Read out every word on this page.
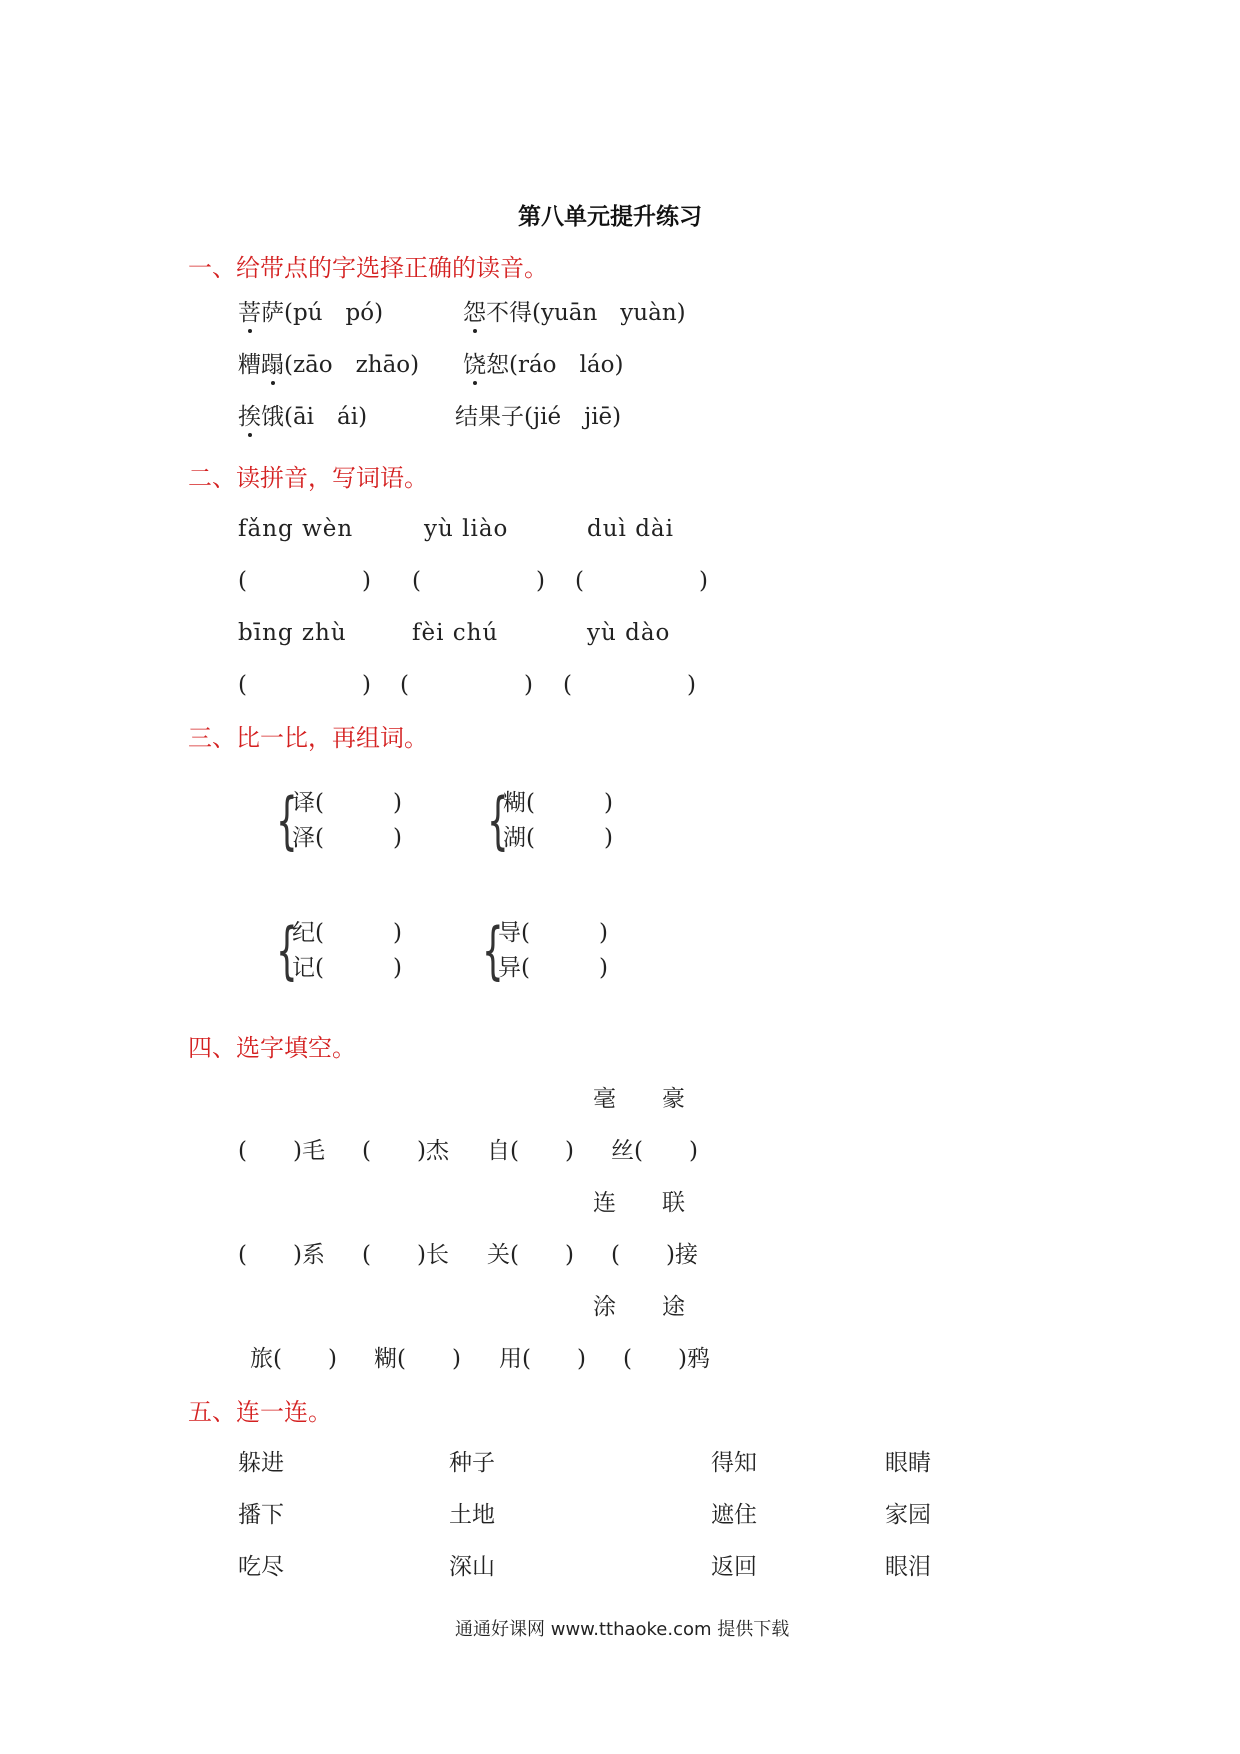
第八单元提升练习
一、给带点的字选择正确的读音。
菩萨(pú　pó)	怨不得(yuān　yuàn)
糟蹋(zāo　zhāo) 饶恕(ráo　láo)
挨饿(āi　ái)	结果子(jié　jiē)
二、读拼音，写词语。
fǎng wèn	yù liào	duì dài
(　　　　　) (　　　　　) (　　　　　)
bīng zhù	fèi chú	yù dào
(　　　　　) (　　　　　) (　　　　　)
三、比一比，再组词。
{
译(　　　)
泽(　　　) {
糊(　　　)
湖(　　　)
{
纪(　　　)
记(　　　) {
导(　　　)
异(　　　)
四、选字填空。
毫　　豪
(　　)毛 (　　)杰 自(　　) 丝(　　)
连　　联
(　　)系 (　　)长 关(　　) (　　)接
涂　　途
旅(　　) 糊(　　) 用(　　) (　　)鸦
五、连一连。
躲进	种子	得知	眼睛
播下	土地	遮住	家园
吃尽	深山	返回	眼泪
通通好课网 www.tthaoke.com 提供下载
